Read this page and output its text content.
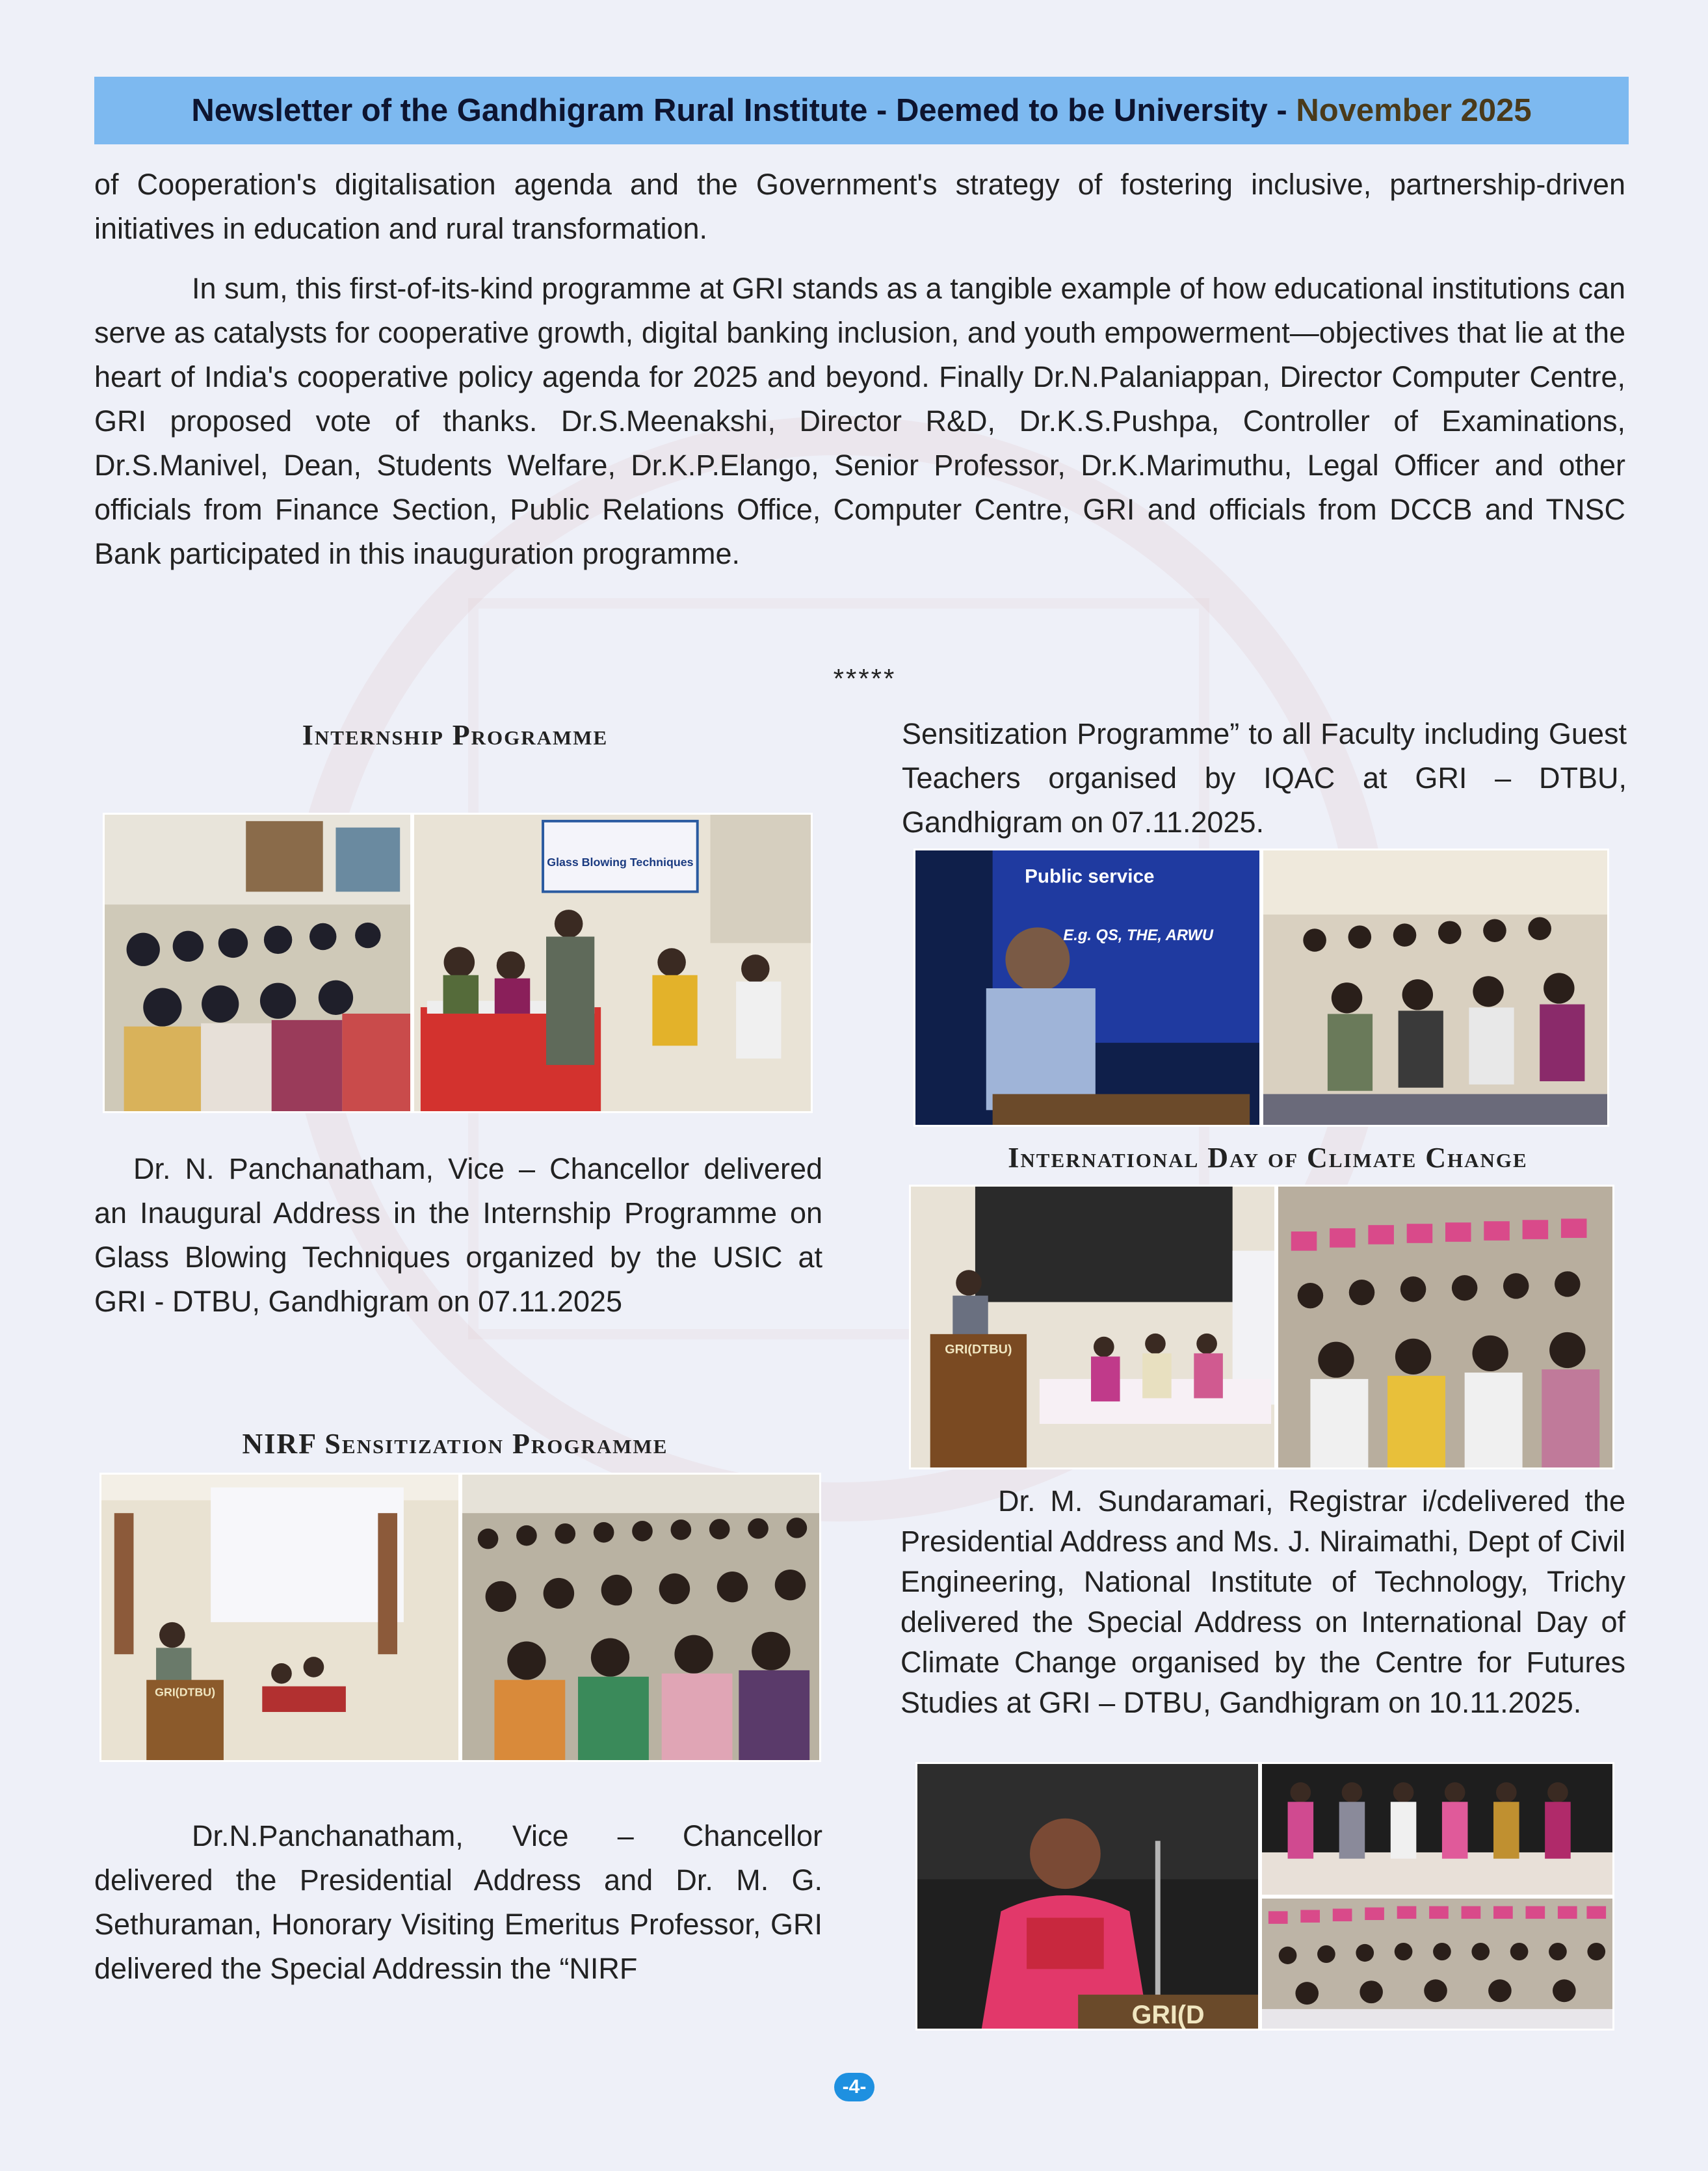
Newsletter of the Gandhigram Rural Institute - Deemed to be University - November 2025

of Cooperation's digitalisation agenda and the Government's strategy of fostering inclusive, partnership-driven initiatives in education and rural transformation.

In sum, this first-of-its-kind programme at GRI stands as a tangible example of how educational institutions can serve as catalysts for cooperative growth, digital banking inclusion, and youth empowerment—objectives that lie at the heart of India's cooperative policy agenda for 2025 and beyond. Finally Dr.N.Palaniappan, Director Computer Centre, GRI proposed vote of thanks. Dr.S.Meenakshi, Director R&D, Dr.K.S.Pushpa, Controller of Examinations, Dr.S.Manivel, Dean, Students Welfare, Dr.K.P.Elango, Senior Professor, Dr.K.Marimuthu, Legal Officer and other officials from Finance Section, Public Relations Office, Computer Centre, GRI and officials from DCCB and TNSC Bank participated in this inauguration programme.

*****
Internship Programme
Glass Blowing Techniques

Dr. N. Panchanatham, Vice – Chancellor delivered an Inaugural Address in the Internship Programme on Glass Blowing Techniques organized by the USIC at GRI - DTBU, Gandhigram on 07.11.2025

NIRF Sensitization Programme
GRI(DTBU)

Dr.N.Panchanatham, Vice – Chancellor delivered the Presidential Address and Dr. M. G. Sethuraman, Honorary Visiting Emeritus Professor, GRI delivered the Special Addressin the “NIRF

Sensitization Programme” to all Faculty including Guest Teachers organised by IQAC at GRI – DTBU, Gandhigram on 07.11.2025.

Public service
E.g. QS, THE, ARWU
International Day of Climate Change
GRI(DTBU)

Dr. M. Sundaramari, Registrar i/cdelivered the Presidential Address and Ms. J. Niraimathi, Dept of Civil Engineering, National Institute of Technology, Trichy delivered the Special Address on International Day of Climate Change organised by the Centre for Futures Studies at GRI – DTBU, Gandhigram on 10.11.2025.

GRI(D
-4-
